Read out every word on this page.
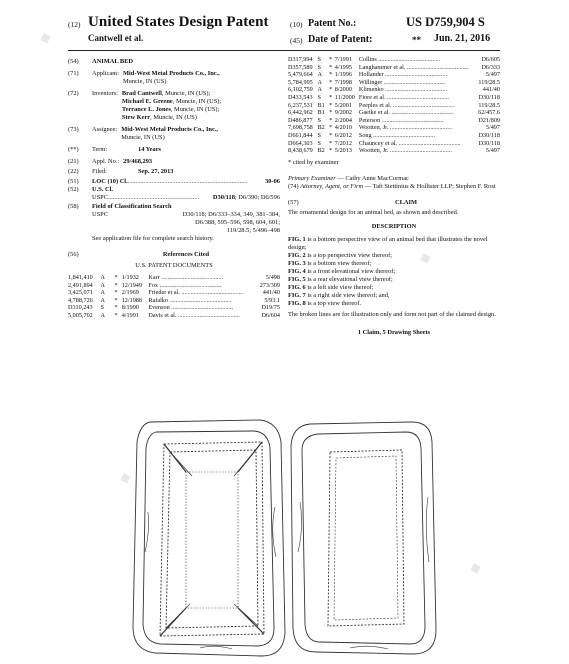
◆
◆
◆
◆
(12) United States Design Patent
Cantwell et al.
(10) Patent No.:	US D759,904 S
(45) Date of Patent:	** Jun. 21, 2016
(54)	ANIMAL BED
(71)	Applicant: Mid-West Metal Products Co., Inc.,
Muncie, IN (US)
(72)	Inventors: Brad Cantwell, Muncie, IN (US);
Michael E. Greene, Muncie, IN (US);
Terrance L. Jones, Muncie, IN (US);
Stew Kerr, Muncie, IN (US)
(73)	Assignee: Mid-West Metal Products Co., Inc.,
Muncie, IN (US)
(**)	Term:	14 Years
(21)	Appl. No.: 29/468,293
(22)	Filed:	Sep. 27, 2013
(51)	LOC (10) Cl. ...........................................................................	30-06
(52)	U.S. Cl.
USPC .........................................................	D30/118; D6/390; D6/596
(58)	Field of Classification Search
USPC	D30/118; D6/333–334, 349, 381–384,
D6/388, 595–596, 598, 604, 601;
119/28.5; 5/496–498
See application file for complete search history.
(56)	References Cited
U.S. PATENT DOCUMENTS
1,841,410	A	*	1/1932	Karr ........................................	5/498
2,491,894	A	*	12/1949	Fox ........................................	273/309
3,425,071	A	*	2/1969	Frieder et al. ........................................	441/40
4,788,726	A	*	12/1988	Rafalko ........................................	5/93.1
D310,243	S	*	8/1990	Evenson ........................................	D19/75
5,005,702	A	*	4/1991	Davis et al. ........................................	D6/604
D317,994	S	*	7/1991	Collins ........................................	D6/605
D357,589	S	*	4/1995	Langhammer et al. ........................................	D6/333
5,479,664	A	*	1/1996	Hollander ........................................	5/497
5,784,995	A	*	7/1998	Willinger ........................................	119/28.5
6,102,759	A	*	8/2000	Klimenko ........................................	441/40
D433,543	S	*	11/2000	Fiore et al. ........................................	D30/118
6,237,531	B1	*	5/2001	Peeples et al. ........................................	119/28.5
6,442,962	B1	*	9/2002	Gaetke et al. ........................................	62/457.6
D486,877	S	*	2/2004	Peterson ........................................	D21/809
7,698,758	B2	*	4/2010	Wootten, Jr. ........................................	5/497
D661,844	S	*	6/2012	Song ........................................	D30/118
D664,303	S	*	7/2012	Chauncey et al. ........................................	D30/118
8,438,679	B2	*	5/2013	Wootten, Jr. ........................................	5/497
* cited by examiner
Primary Examiner — Cathy Anne MacCormac
(74) Attorney, Agent, or Firm — Taft Stettinius & Hollister LLP; Stephen F. Rost
(57)	CLAIM
The ornamental design for an animal bed, as shown and described.
DESCRIPTION
FIG. 1 is a bottom perspective view of an animal bed that illustrates the novel design;
FIG. 2 is a top perspective view thereof;
FIG. 3 is a bottom view thereof;
FIG. 4 is a front elevational view thereof;
FIG. 5 is a rear elevational view thereof;
FIG. 6 is a left side view thereof;
FIG. 7 is a right side view thereof; and,
FIG. 8 is a top view thereof.
The broken lines are for illustration only and form not part of the claimed design.
1 Claim, 5 Drawing Sheets
